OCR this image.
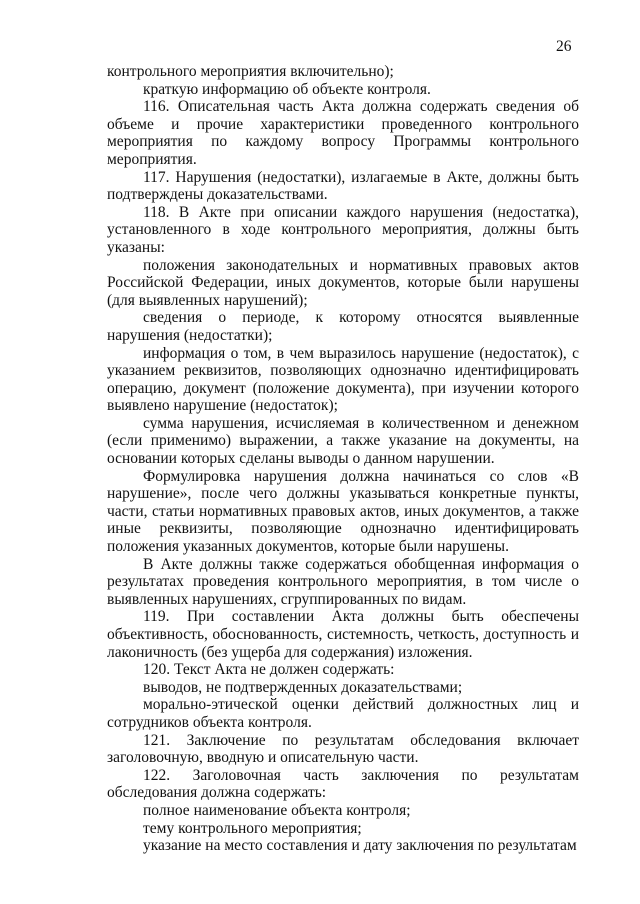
26

контрольного мероприятия включительно);

краткую информацию об объекте контроля.

116. Описательная часть Акта должна содержать сведения об объеме и прочие характеристики проведенного контрольного мероприятия по каждому вопросу Программы контрольного мероприятия.

117. Нарушения (недостатки), излагаемые в Акте, должны быть подтверждены доказательствами.

118. В Акте при описании каждого нарушения (недостатка), установленного в ходе контрольного мероприятия, должны быть указаны:

положения законодательных и нормативных правовых актов Российской Федерации, иных документов, которые были нарушены (для выявленных нарушений);

сведения о периоде, к которому относятся выявленные нарушения (недостатки);

информация о том, в чем выразилось нарушение (недостаток), с указанием реквизитов, позволяющих однозначно идентифицировать операцию, документ (положение документа), при изучении которого выявлено нарушение (недостаток);

сумма нарушения, исчисляемая в количественном и денежном (если применимо) выражении, а также указание на документы, на основании которых сделаны выводы о данном нарушении.

Формулировка нарушения должна начинаться со слов «В нарушение», после чего должны указываться конкретные пункты, части, статьи нормативных правовых актов, иных документов, а также иные реквизиты, позволяющие однозначно идентифицировать положения указанных документов, которые были нарушены.

В Акте должны также содержаться обобщенная информация о результатах проведения контрольного мероприятия, в том числе о выявленных нарушениях, сгруппированных по видам.

119. При составлении Акта должны быть обеспечены объективность, обоснованность, системность, четкость, доступность и лаконичность (без ущерба для содержания) изложения.

120. Текст Акта не должен содержать:

выводов, не подтвержденных доказательствами;

морально-этической оценки действий должностных лиц и сотрудников объекта контроля.

121. Заключение по результатам обследования включает заголовочную, вводную и описательную части.

122. Заголовочная часть заключения по результатам обследования должна содержать:

полное наименование объекта контроля;

тему контрольного мероприятия;

указание на место составления и дату заключения по результатам
